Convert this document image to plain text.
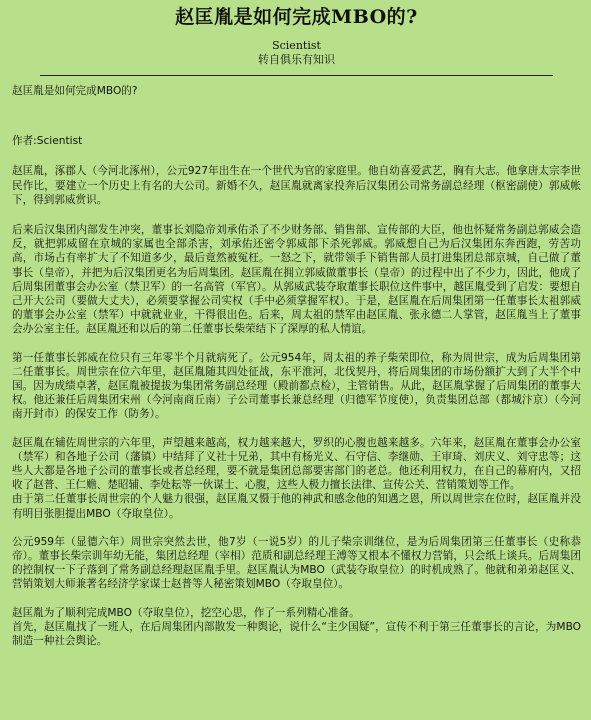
赵匡胤是如何完成MBO的?
Scientist
转自俱乐有知识

赵匡胤是如何完成MBO的?

作者:Scientist

赵匡胤，涿郡人（今河北涿州），公元927年出生在一个世代为官的家庭里。他自幼喜爱武艺，胸有大志。他拿唐太宗李世民作比，要建立一个历史上有名的大公司。新婚不久，赵匡胤就离家投奔后汉集团公司常务副总经理（枢密副使）郭威帐下，得到郭威赏识。

后来后汉集团内部发生冲突，董事长刘隐帝刘承佑杀了不少财务部、销售部、宣传部的大臣，他也怀疑常务副总郭威会造反，就把郭威留在京城的家属也全部杀害，刘承佑还密令郭威部下杀死郭威。郭威想自己为后汉集团东奔西跑，劳苦功高，市场占有率扩大了不知道多少，最后竟然被冤枉。一怒之下，就带领手下销售部人员打进集团总部京城，自己做了董事长（皇帝），并把为后汉集团更名为后周集团。赵匡胤在拥立郭威做董事长（皇帝）的过程中出了不少力，因此，他成了后周集团董事会办公室（禁卫军）的一名高管（军官）。从郭威武装夺取董事长职位这件事中，越匡胤受到了启发：要想自己开大公司（要做大丈夫），必须要掌握公司实权（手中必须掌握军权）。于是，赵匡胤在后周集团第一任董事长太祖郭威的董事会办公室（禁军）中就就业业，干得很出色。后来，周太祖的禁军由赵匡胤、张永德二人掌管，赵匡胤当上了董事会办公室主任。赵匡胤还和以后的第二任董事长柴荣结下了深厚的私人情谊。

第一任董事长郭威在位只有三年零半个月就病死了。公元954年，周太祖的养子柴荣即位，称为周世宗，成为后周集团第二任董事长。周世宗在位六年里，赵匡胤随其四处征战，东平淮河，北伐契丹，将后周集团的市场份额扩大到了大半个中国。因为成绩卓著，赵匡胤被提拔为集团常务副总经理（殿前都点检），主管销售。从此，赵匡胤掌握了后周集团的董事大权。他还兼任后周集团宋州（今河南商丘南）子公司董事长兼总经理（归德军节度使），负责集团总部（都城汴京）（今河南开封市）的保安工作（防务）。

赵匡胤在辅佐周世宗的六年里，声望越来越高，权力越来越大，罗织的心腹也越来越多。六年来，赵匡胤在董事会办公室（禁军）和各地子公司（藩镇）中结拜了义社十兄弟，其中有杨光义、石守信、李继勋、王审琦、刘庆义、刘守忠等；这些人大都是各地子公司的董事长或者总经理，要不就是集团总部要害部门的老总。他还利用权力，在自己的幕府内，又招收了赵普、王仁赡、楚昭辅、李处耘等一伙谋士、心腹，这些人极力擅长法律、宣传公关、营销策划等工作。
由于第二任董事长周世宗的个人魅力很强，赵匡胤又慑于他的神武和感念他的知遇之恩，所以周世宗在位时，赵匡胤并没有明目张胆提出MBO（夺取皇位）。

公元959年（显德六年）周世宗突然去世，他7岁（一说5岁）的儿子柴宗训继位，是为后周集团第三任董事长（史称恭帝）。董事长柴宗训年幼无能，集团总经理（宰相）范质和副总经理王溥等又根本不懂权力营销，只会纸上谈兵。后周集团的控制权一下子落到了常务副总经理赵匡胤手里。赵匡胤认为MBO（武装夺取皇位）的时机成熟了。他就和弟弟赵匡义、营销策划大师兼著名经济学家谋士赵普等人秘密策划MBO（夺取皇位）。

赵匡胤为了顺利完成MBO（夺取皇位），挖空心思，作了一系列精心准备。
首先，赵匡胤找了一班人，在后周集团内部散发一种舆论，说什么“主少国疑”，宣传不利于第三任董事长的言论，为MBO制造一种社会舆论。
